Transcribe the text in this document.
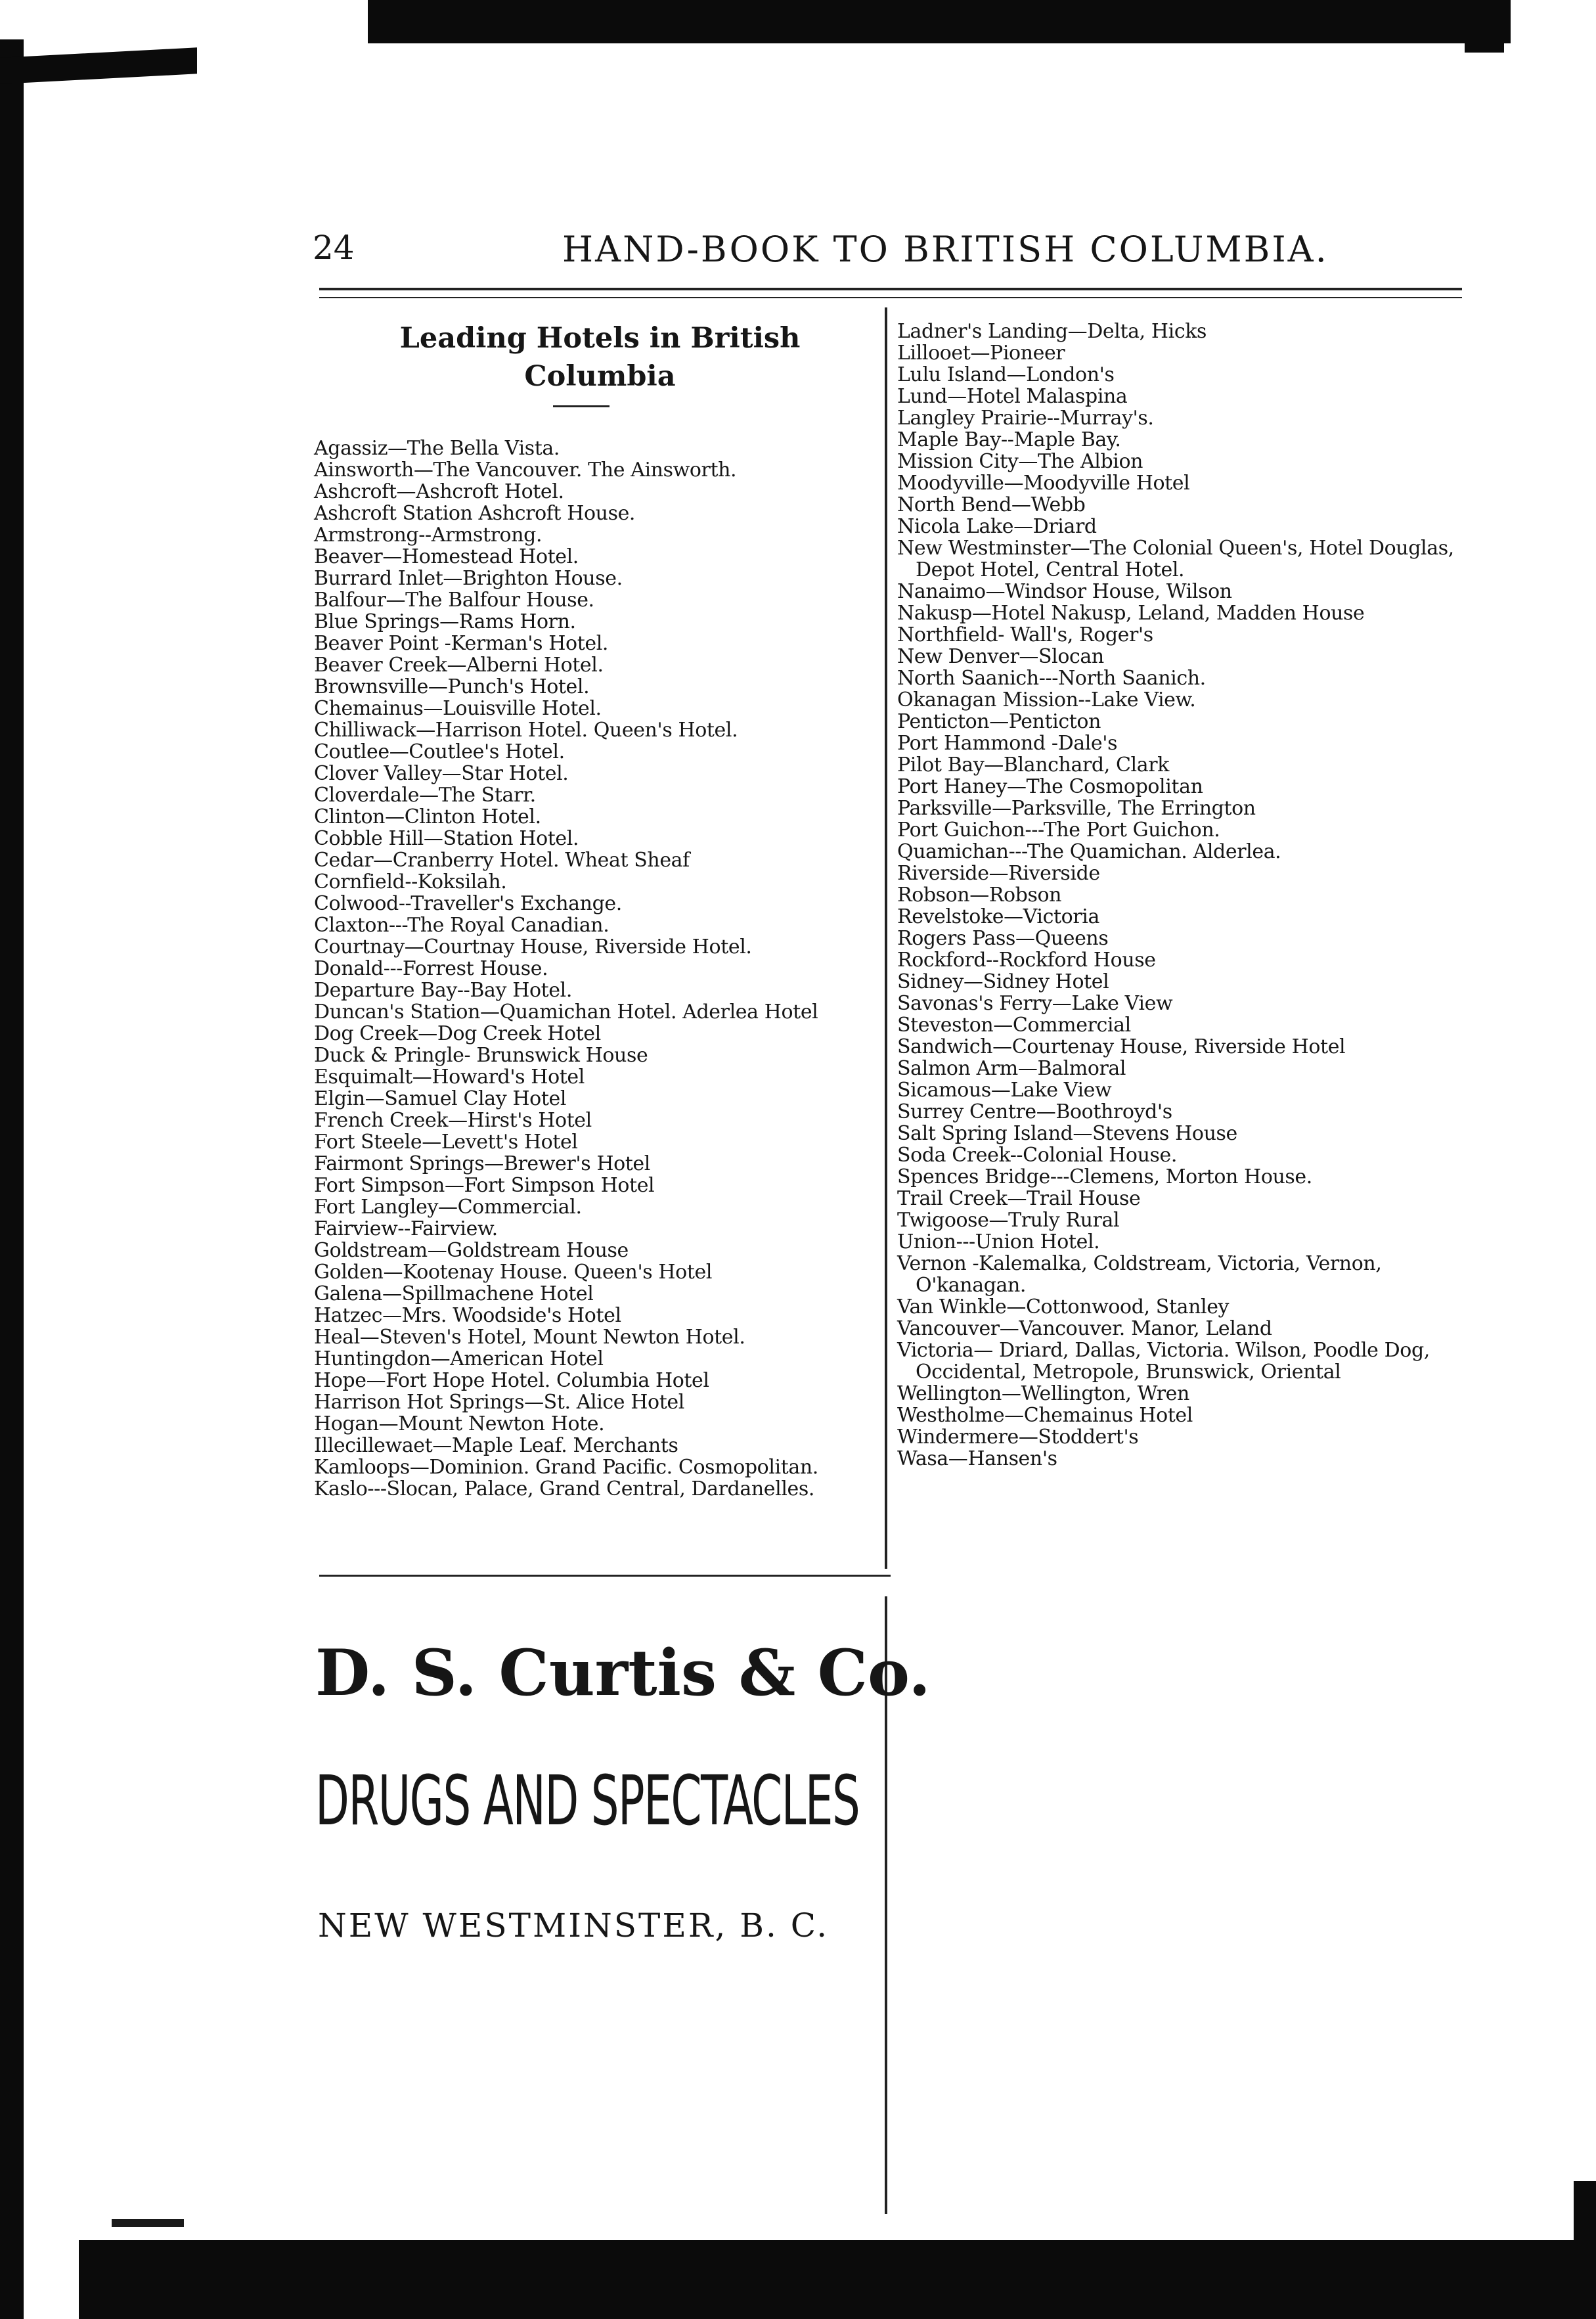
24	HAND-BOOK TO BRITISH COLUMBIA.
Leading Hotels in British
Columbia
Agassiz—The Bella Vista.
Ainsworth—The Vancouver. The Ainsworth.
Ashcroft—Ashcroft Hotel.
Ashcroft Station Ashcroft House.
Armstrong--Armstrong.
Beaver—Homestead Hotel.
Burrard Inlet—Brighton House.
Balfour—The Balfour House.
Blue Springs—Rams Horn.
Beaver Point -Kerman's Hotel.
Beaver Creek—Alberni Hotel.
Brownsville—Punch's Hotel.
Chemainus—Louisville Hotel.
Chilliwack—Harrison Hotel. Queen's Hotel.
Coutlee—Coutlee's Hotel.
Clover Valley—Star Hotel.
Cloverdale—The Starr.
Clinton—Clinton Hotel.
Cobble Hill—Station Hotel.
Cedar—Cranberry Hotel. Wheat Sheaf
Cornfield--Koksilah.
Colwood--Traveller's Exchange.
Claxton---The Royal Canadian.
Courtnay—Courtnay House, Riverside Hotel.
Donald---Forrest House.
Departure Bay--Bay Hotel.
Duncan's Station—Quamichan Hotel. Aderlea Hotel
Dog Creek—Dog Creek Hotel
Duck & Pringle- Brunswick House
Esquimalt—Howard's Hotel
Elgin—Samuel Clay Hotel
French Creek—Hirst's Hotel
Fort Steele—Levett's Hotel
Fairmont Springs—Brewer's Hotel
Fort Simpson—Fort Simpson Hotel
Fort Langley—Commercial.
Fairview--Fairview.
Goldstream—Goldstream House
Golden—Kootenay House. Queen's Hotel
Galena—Spillmachene Hotel
Hatzec—Mrs. Woodside's Hotel
Heal—Steven's Hotel, Mount Newton Hotel.
Huntingdon—American Hotel
Hope—Fort Hope Hotel. Columbia Hotel
Harrison Hot Springs—St. Alice Hotel
Hogan—Mount Newton Hote.
Illecillewaet—Maple Leaf. Merchants
Kamloops—Dominion. Grand Pacific. Cosmopolitan.
Kaslo---Slocan, Palace, Grand Central, Dardanelles.
Ladner's Landing—Delta, Hicks
Lillooet—Pioneer
Lulu Island—London's
Lund—Hotel Malaspina
Langley Prairie--Murray's.
Maple Bay--Maple Bay.
Mission City—The Albion
Moodyville—Moodyville Hotel
North Bend—Webb
Nicola Lake—Driard
New Westminster—The Colonial Queen's, Hotel Douglas, Depot Hotel, Central Hotel.
Nanaimo—Windsor House, Wilson
Nakusp—Hotel Nakusp, Leland, Madden House
Northfield- Wall's, Roger's
New Denver—Slocan
North Saanich---North Saanich.
Okanagan Mission--Lake View.
Penticton—Penticton
Port Hammond -Dale's
Pilot Bay—Blanchard, Clark
Port Haney—The Cosmopolitan
Parksville—Parksville, The Errington
Port Guichon---The Port Guichon.
Quamichan---The Quamichan. Alderlea.
Riverside—Riverside
Robson—Robson
Revelstoke—Victoria
Rogers Pass—Queens
Rockford--Rockford House
Sidney—Sidney Hotel
Savonas's Ferry—Lake View
Steveston—Commercial
Sandwich—Courtenay House, Riverside Hotel
Salmon Arm—Balmoral
Sicamous—Lake View
Surrey Centre—Boothroyd's
Salt Spring Island—Stevens House
Soda Creek--Colonial House.
Spences Bridge---Clemens, Morton House.
Trail Creek—Trail House
Twigoose—Truly Rural
Union---Union Hotel.
Vernon -Kalemalka, Coldstream, Victoria, Vernon, O'kanagan.
Van Winkle—Cottonwood, Stanley
Vancouver—Vancouver. Manor, Leland
Victoria— Driard, Dallas, Victoria. Wilson, Poodle Dog, Occidental, Metropole, Brunswick, Oriental
Wellington—Wellington, Wren
Westholme—Chemainus Hotel
Windermere—Stoddert's
Wasa—Hansen's
D. S. Curtis & Co.
DRUGS AND SPECTACLES
NEW WESTMINSTER, B. C.
